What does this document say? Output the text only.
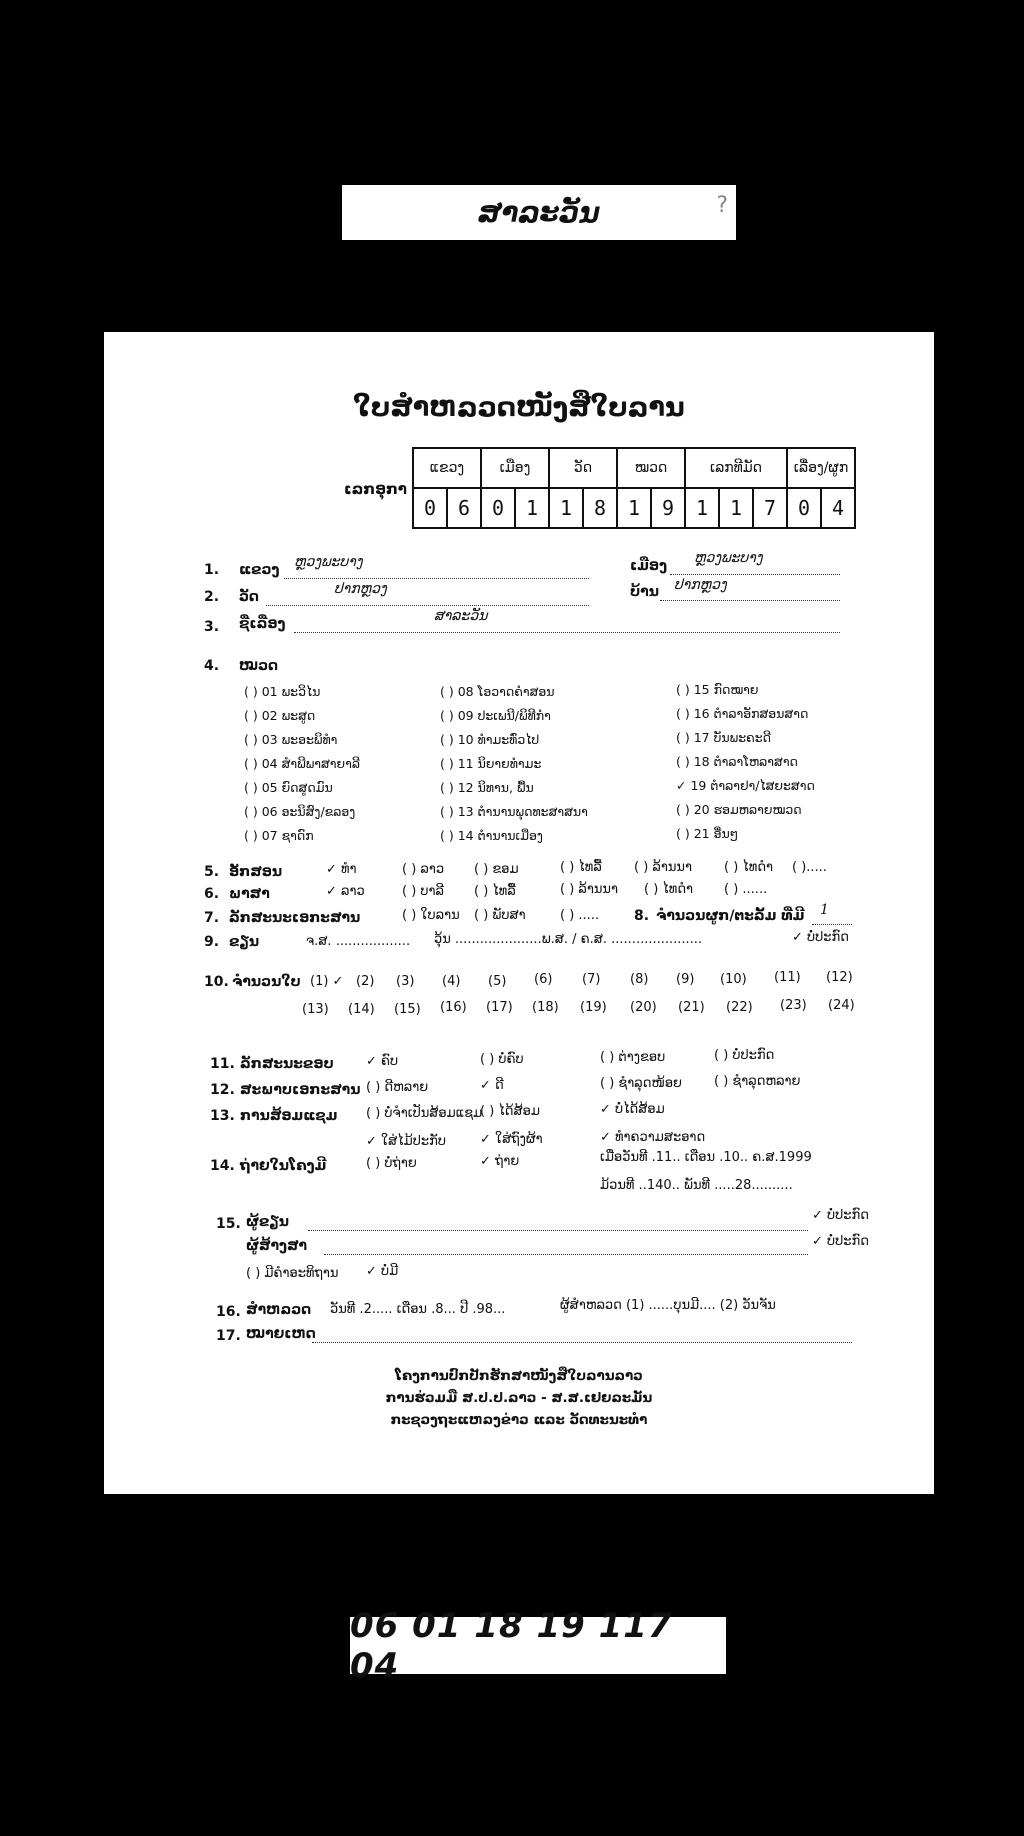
ສາລະວັນ	?
ໃບສຳຫລວດໜັງສືໃບລານ
ເລກອຸກາ
ແຂວງ		ເມືອງ		ວັດ		ໝວດ		ເລກທີມັດ			ເລື່ອງ/ຜູກ	
0	6	0	1	1	8	1	9	1	1	7	0	4
1. ແຂວງ ຫຼວງພະບາງ	ເມືອງ ຫຼວງພະບາງ
2. ວັດ	ປາກຫຼວງ	ບ້ານ ປາກຫຼວງ
3. ຊື່ເລື່ອງ	ສາລະວັນ
4. ໝວດ
( ) 01 ພະວິໄນ
( ) 02 ພະສູດ
( ) 03 ພະອະພິທຳ
( ) 04 ສຳພີພາສາຍາລີ
( ) 05 ຍົດສູດມົນ
( ) 06 ອະນິສົງ/ຂລອງ
( ) 07 ຊາດົກ
( ) 08 ໂອວາດຄຳສອນ
( ) 09 ປະເພນີ/ພິທີກຳ
( ) 10 ທຳມະທົ່ວໄປ
( ) 11 ນິຍາຍທຳມະ
( ) 12 ນິທານ, ພື້ນ
( ) 13 ຕຳນານພຸດທະສາສນາ
( ) 14 ຕຳນານເມືອງ
( ) 15 ກົດໝາຍ
( ) 16 ຕຳລາອັກສອນສາດ
( ) 17 ບັນພະຄະດີ
( ) 18 ຕຳລາໂຫລາສາດ
✓ 19 ຕຳລາຢາ/ໄສຍະສາດ
( ) 20 ຮອມຫລາຍໝວດ
( ) 21 ອື່ນໆ
5. ອັກສອນ	✓ ທຳ	( ) ລາວ ( ) ຂອມ	( ) ໄທລື້ ( ) ລ້ານນາ ( ) ໄທດຳ ( ).....
6. ພາສາ	✓ ລາວ	( ) ບາລີ ( ) ໄທລື້	( ) ລ້ານນາ ( ) ໄທດຳ ( ) ......
7. ລັກສະນະເອກະສານ	( ) ໃບລານ ( ) ພັບສາ	( ) ..... 8. ຈຳນວນຜູກ/ຕະລັ້ມ ທີ່ມີ 1
9. ຂຽນ	ຈ.ສ. .................. ວຸ້ນ .....................ພ.ສ. / ຄ.ສ. ......................	✓ ບໍ່ປະກົດ
10. ຈຳນວນໃບ (1) ✓ (2) (3) (4) (5) (6) (7) (8) (9) (10) (11) (12)
(13) (14) (15) (16) (17) (18) (19) (20) (21) (22) (23) (24)
11. ລັກສະນະຂອບ ✓ ຄົບ	( ) ບໍ່ຄົບ	( ) ຕ່າງຂອບ	( ) ບໍ່ປະກົດ
12. ສະພາບເອກະສານ ( ) ດີຫລາຍ	✓ ດີ	( ) ຊຳລຸດໜ້ອຍ ( ) ຊຳລຸດຫລາຍ
13. ການສ້ອມແຊມ ( ) ບໍ່ຈຳເປັນສ້ອມແຊມ
( ) ໄດ້ສ້ອມ	✓ ບໍ່ໄດ້ສ້ອມ
✓ ໃສ່ໄມ້ປະກັບ	✓ ໃສ່ຖົງຜ້າ	✓ ທຳຄວາມສະອາດ
14. ຖ່າຍໃນໂຄງມີ	( ) ບໍ່ຖ່າຍ	✓ ຖ່າຍ	ເມື່ອວັນທີ .11.. ເດືອນ .10.. ຄ.ສ.1999
ມ້ວນທີ ..140.. ພັນທີ .....28..........
15. ຜູ້ຂຽນ	✓ ບໍ່ປະກົດ
ຜູ້ສ້າງສາ	✓ ບໍ່ປະກົດ
( ) ມີຄຳອະທິຖານ ✓ ບໍ່ມີ
16. ສຳຫລວດ ວັນທີ .2..... ເດືອນ .8... ປີ .98...	ຜູ້ສຳຫລວດ (1) ......ບຸນມີ.... (2) ວັນຈັນ
17. ໝາຍເຫດ
ໂຄງການປົກປັກຮັກສາໜັງສືໃບລານລາວ
ການຮ່ວມມື ສ.ປ.ປ.ລາວ - ສ.ສ.ເຢຍລະມັນ
ກະຊວງຖະແຫລງຂ່າວ ແລະ ວັດທະນະທຳ
06 01 18 19 117 04
